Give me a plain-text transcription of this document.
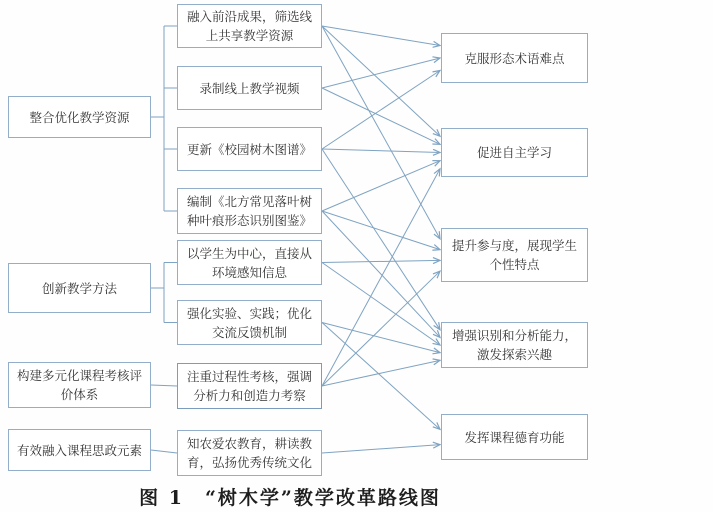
整合优化教学资源
创新教学方法
构建多元化课程考核评价体系
有效融入课程思政元素
融入前沿成果，筛选线上共享教学资源
录制线上教学视频
更新《校园树木图谱》
编制《北方常见落叶树种叶痕形态识别图鉴》
以学生为中心，直接从环境感知信息
强化实验、实践；优化交流反馈机制
注重过程性考核，强调分析力和创造力考察
知农爱农教育，耕读教育，弘扬优秀传统文化
克服形态术语难点
促进自主学习
提升参与度，展现学生个性特点
增强识别和分析能力，激发探索兴趣
发挥课程德育功能
图 1　“树木学”教学改革路线图
